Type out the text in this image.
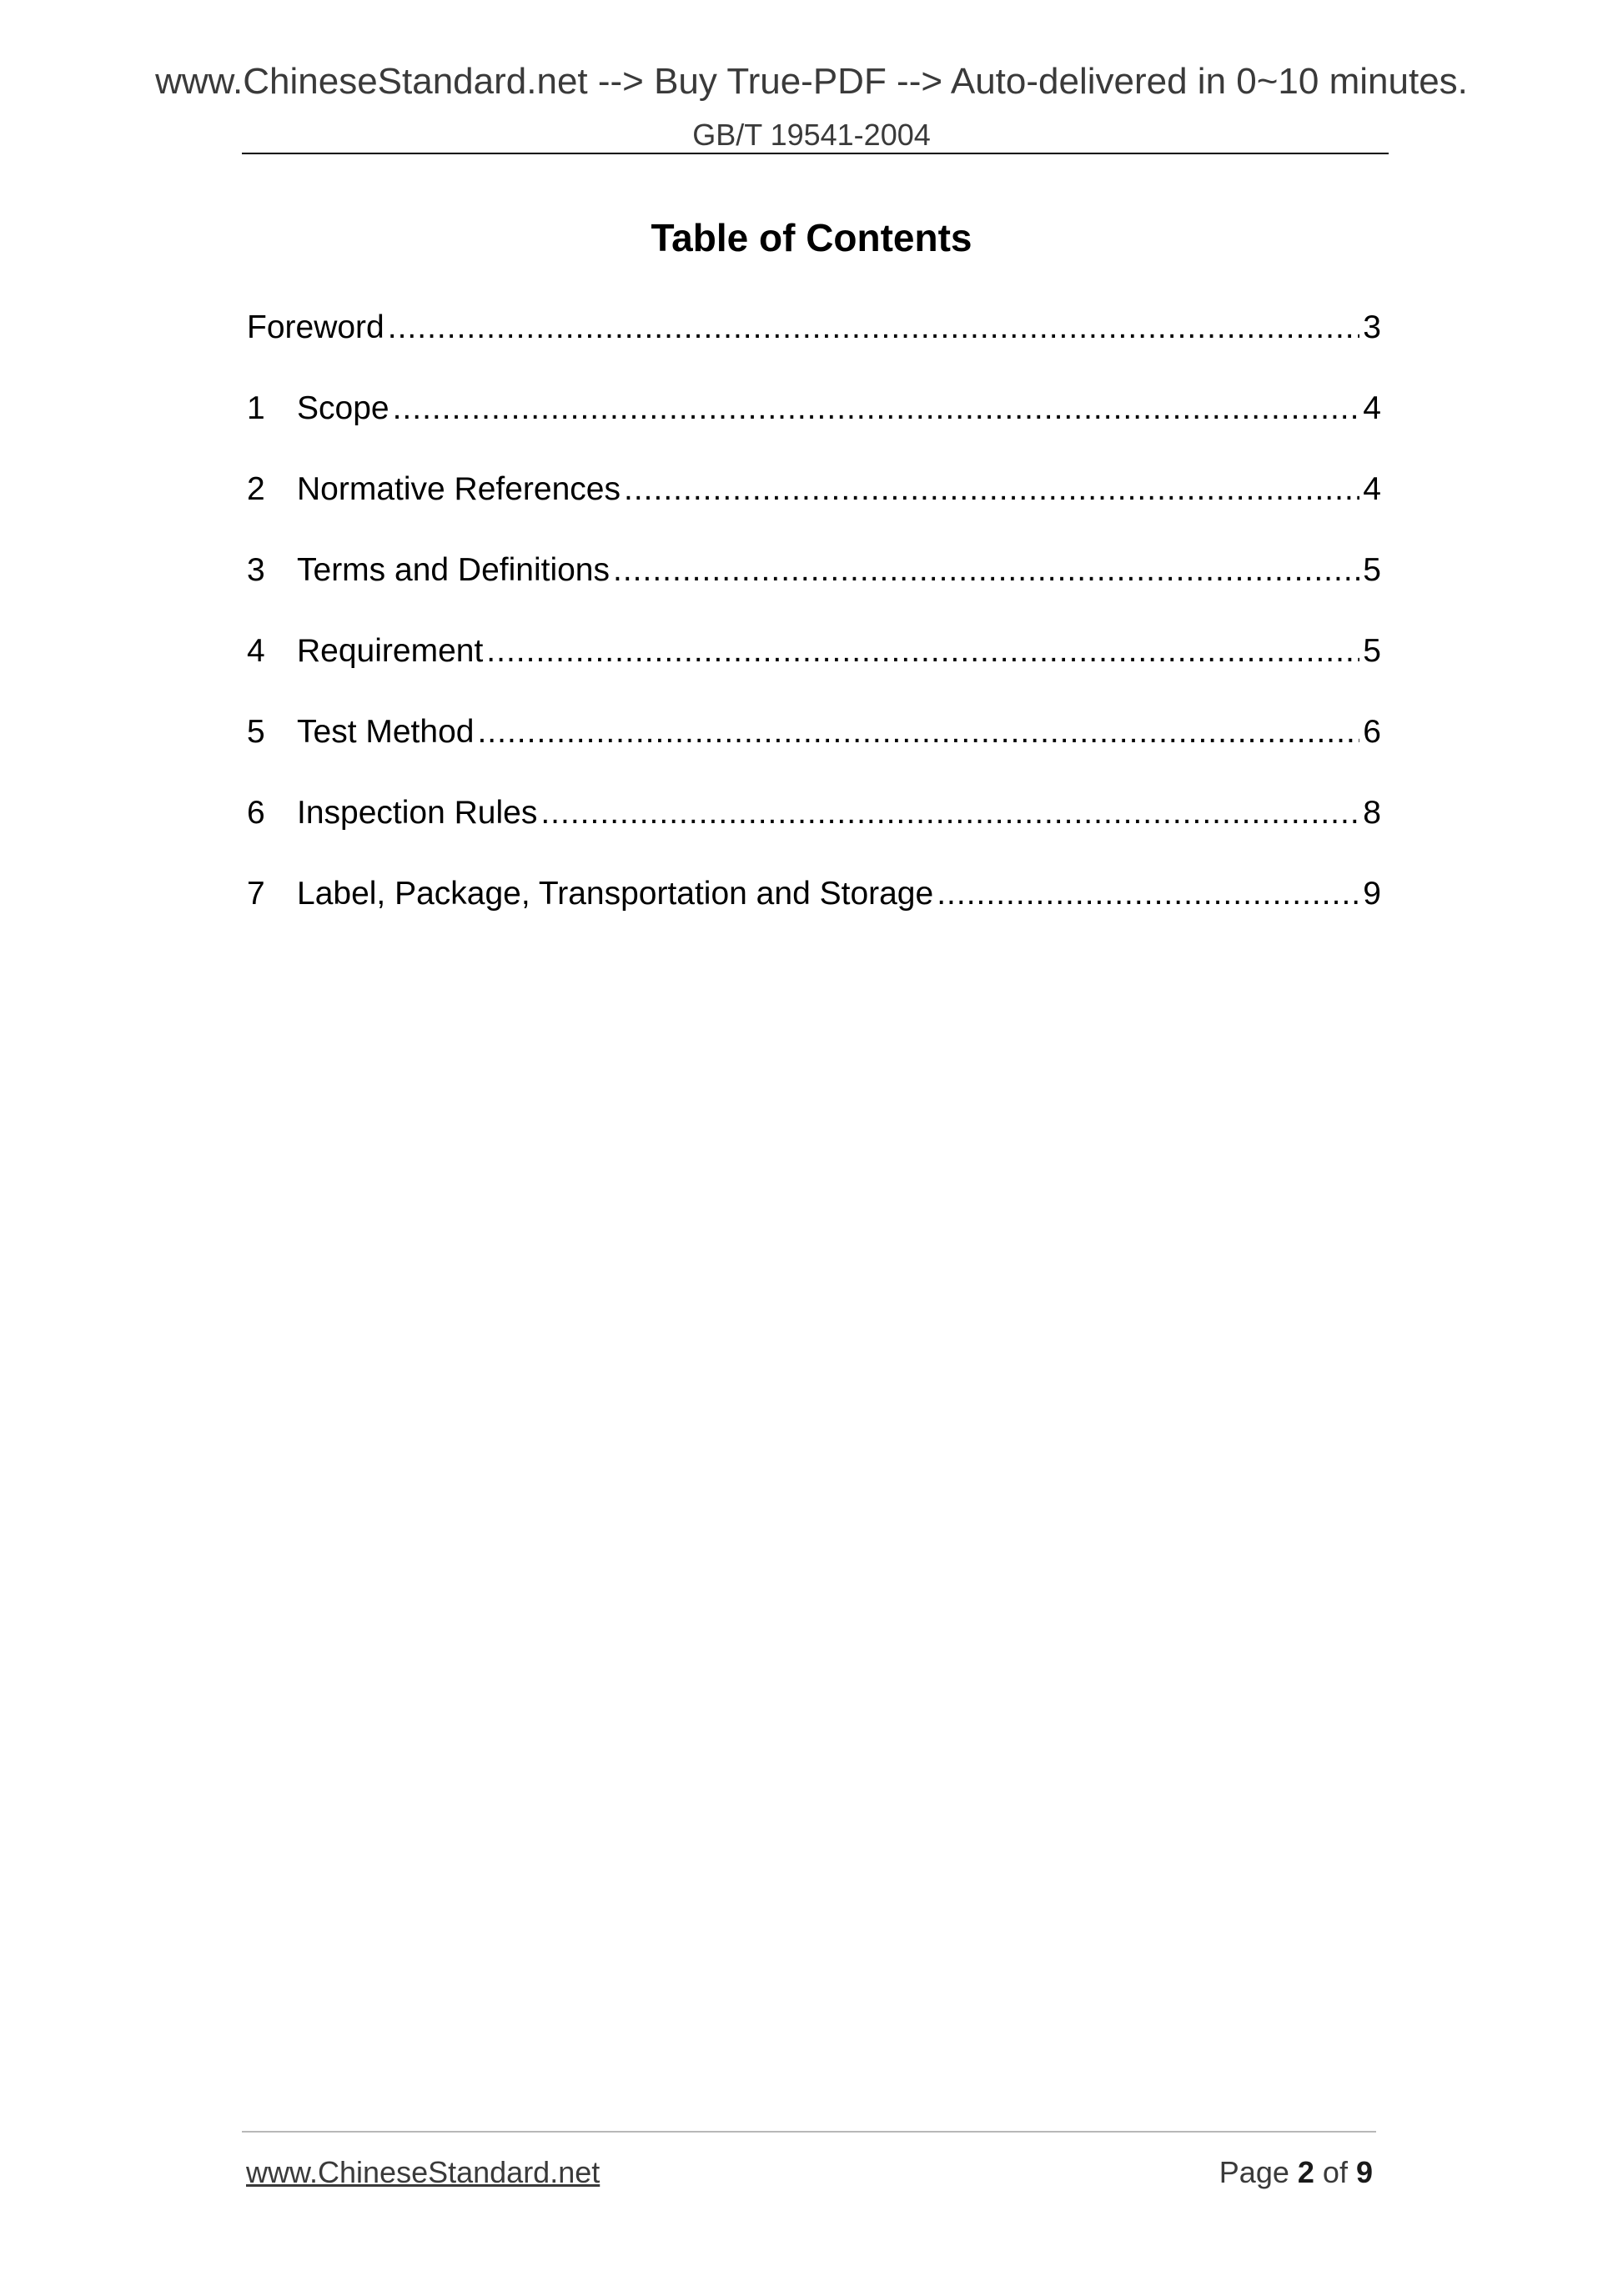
www.ChineseStandard.net --> Buy True-PDF --> Auto-delivered in 0~10 minutes.
GB/T 19541-2004
Table of Contents
Foreword .....	3
1 Scope .....	4
2 Normative References .....	4
3 Terms and Definitions .....	5
4 Requirement .....	5
5 Test Method .....	6
6 Inspection Rules .....	8
7 Label, Package, Transportation and Storage .....	9
www.ChineseStandard.net	Page 2 of 9
